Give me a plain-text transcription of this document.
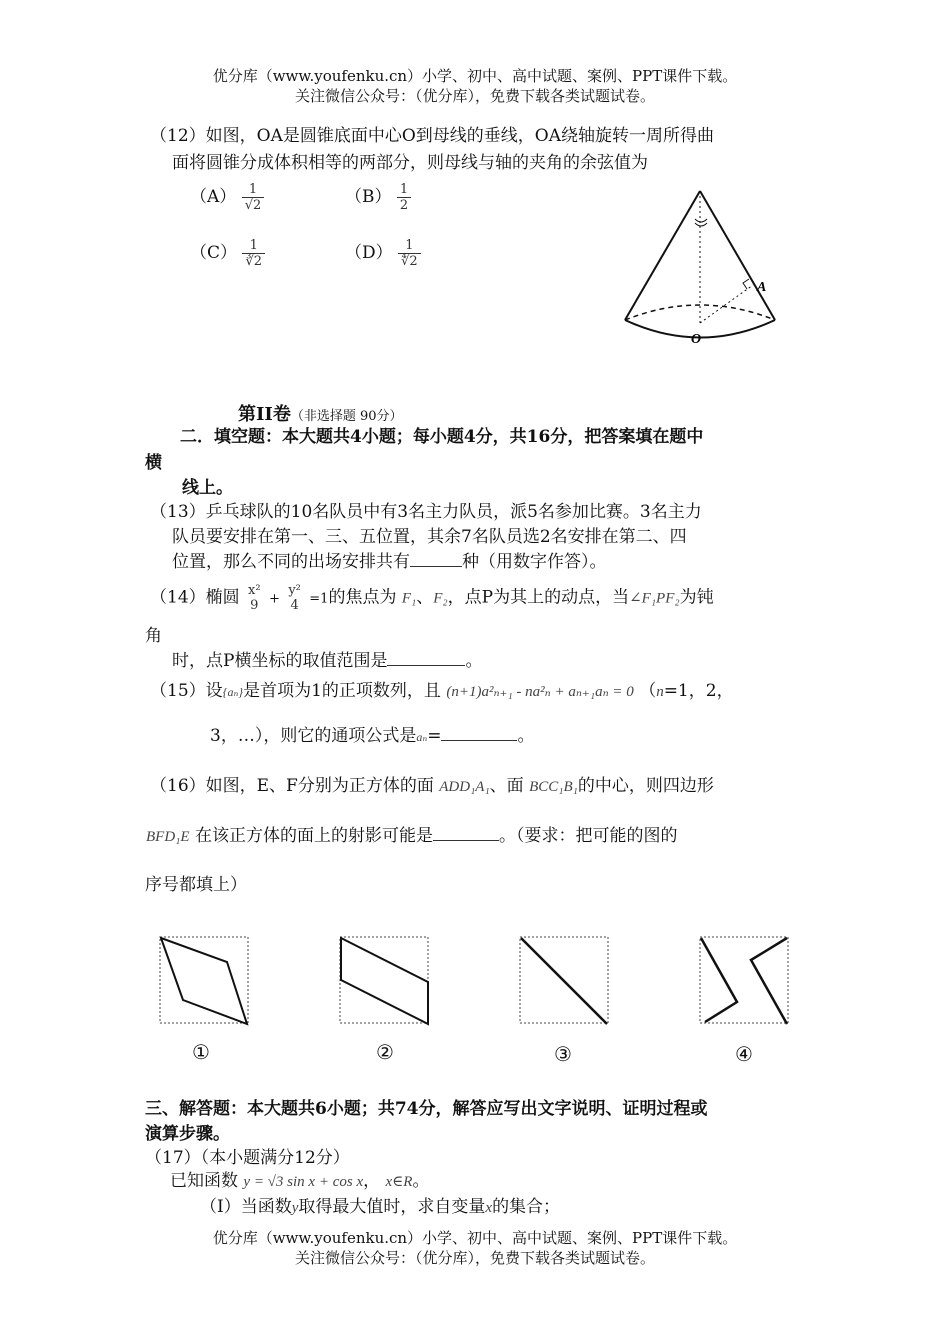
优分库（www.youfenku.cn）小学、初中、高中试题、案例、PPT课件下载。
关注微信公众号：（优分库），免费下载各类试题试卷。
（12）如图，OA是圆锥底面中心O到母线的垂线，OA绕轴旋转一周所得曲
面将圆锥分成体积相等的两部分，则母线与轴的夹角的余弦值为
$(A) \frac{1}{√2}$	$(B) \frac{1}{2}$
$(C) \frac{1}{∛2}$	$(D) \frac{1}{∜2}$
A
O
第II卷（非选择题 90分）
二．填空题：本大题共4小题；每小题4分，共16分，把答案填在题中
横
线上。
（13）乒乓球队的10名队员中有3名主力队员，派5名参加比赛。3名主力
队员要安排在第一、三、五位置，其余7名队员选2名安排在第二、四
位置，那么不同的出场安排共有	种（用数字作答）。
（14）椭圆 x²
9 +
y²
4 =1的焦点为 F₁、F₂，点P为其上的动点，当∠F₁PF₂为钝
角
时，点P横坐标的取值范围是	。
（15）设{aₙ}是首项为1的正项数列，且 (n+1)a²ₙ₊₁ - na²ₙ + aₙ₊₁aₙ = 0 （n=1，2，
3，…），则它的通项公式是aₙ=	。
（16）如图，E、F分别为正方体的面 ADD₁A₁、面 BCC₁B₁的中心，则四边形
BFD₁E 在该正方体的面上的射影可能是	。（要求：把可能的图的
序号都填上）
①	②	③	④
三、解答题：本大题共6小题；共74分，解答应写出文字说明、证明过程或
演算步骤。
（17）（本小题满分12分）
已知函数 y = √3 sin x + cos x， x∈R。
（I）当函数y取得最大值时，求自变量x的集合；
优分库（www.youfenku.cn）小学、初中、高中试题、案例、PPT课件下载。
关注微信公众号：（优分库），免费下载各类试题试卷。
